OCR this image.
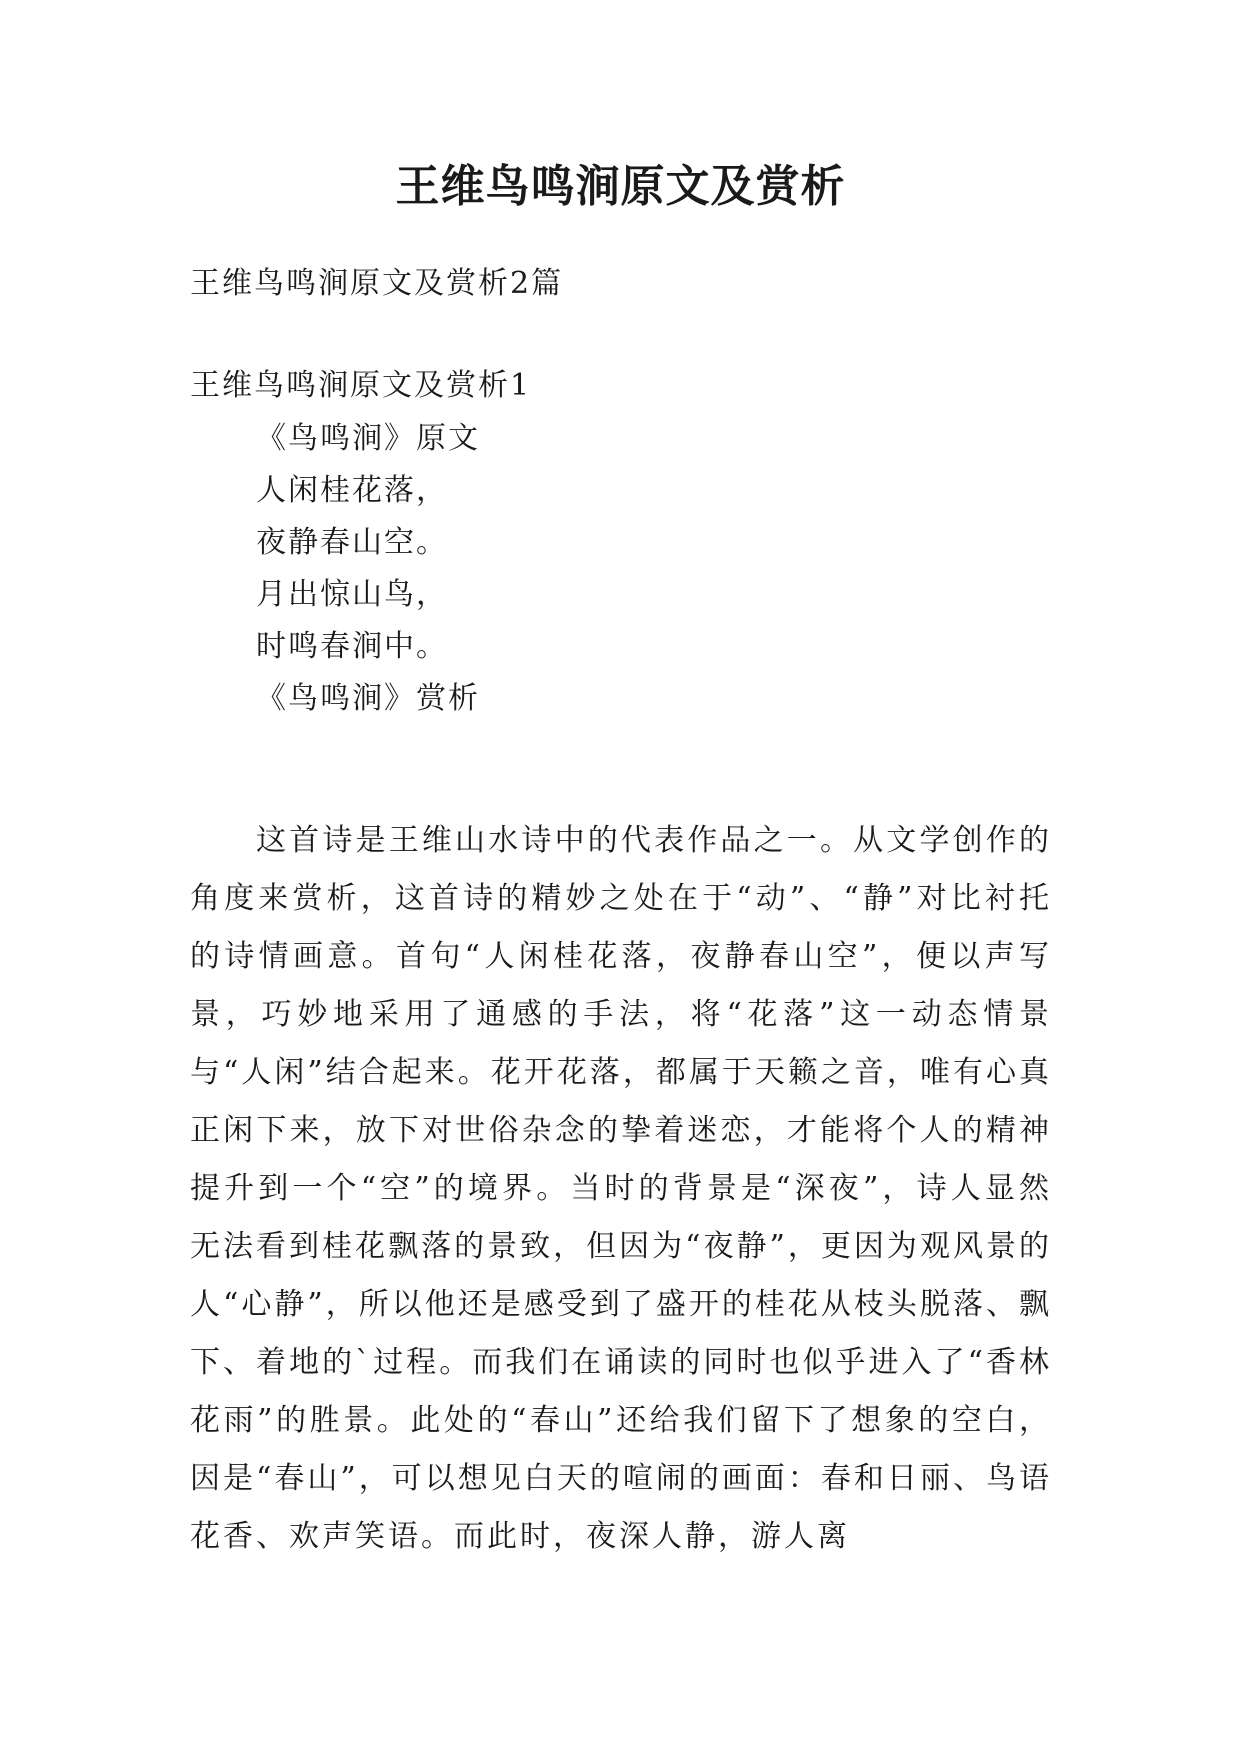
王维鸟鸣涧原文及赏析

王维鸟鸣涧原文及赏析2篇

王维鸟鸣涧原文及赏析1

《鸟鸣涧》原文

人闲桂花落，

夜静春山空。

月出惊山鸟，

时鸣春涧中。

《鸟鸣涧》赏析

这首诗是王维山水诗中的代表作品之一。从文学创作的角度来赏析，这首诗的精妙之处在于“动”、“静”对比衬托的诗情画意。首句“人闲桂花落，夜静春山空”，便以声写景，巧妙地采用了通感的手法，将“花落”这一动态情景与“人闲”结合起来。花开花落，都属于天籁之音，唯有心真正闲下来，放下对世俗杂念的挚着迷恋，才能将个人的精神提升到一个“空”的境界。当时的背景是“深夜”，诗人显然无法看到桂花飘落的景致，但因为“夜静”，更因为观风景的人“心静”，所以他还是感受到了盛开的桂花从枝头脱落、飘下、着地的`过程。而我们在诵读的同时也似乎进入了“香林花雨”的胜景。此处的“春山”还给我们留下了想象的空白，因是“春山”，可以想见白天的喧闹的画面：春和日丽、鸟语花香、欢声笑语。而此时，夜深人静，游人离
